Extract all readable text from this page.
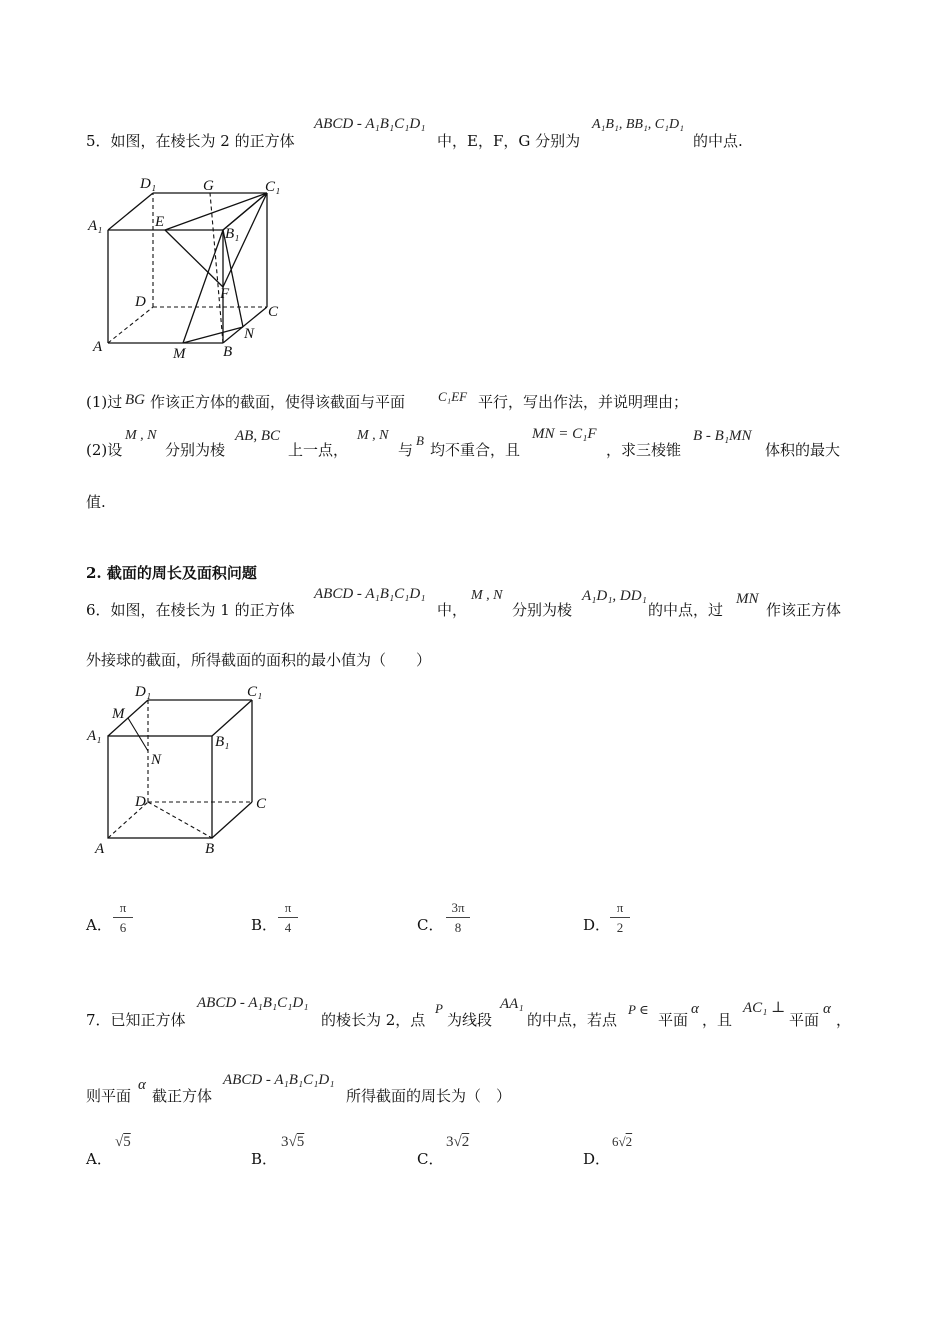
5．如图，在棱长为 2 的正方体
ABCD - A₁B₁C₁D₁
中，E，F，G 分别为
A₁B₁, BB₁, C₁D₁
的中点.
D₁	G	C₁
A₁	E
B₁
D	F
C
N
A	M	B
(1)过 BG 作该正方体的截面，使得该截面与平面	C₁EF 平行，写出作法，并说明理由；
(2)设
M , N
分别为棱
AB, BC
上一点，
M , N
与
B
均不重合，且
MN = C₁F
，求三棱锥
B - B₁MN
体积的最大
值.
2. 截面的周长及面积问题
6．如图，在棱长为 1 的正方体
ABCD - A₁B₁C₁D₁
中，
M , N
分别为棱
A₁D₁, DD₁
的中点，过
MN
作该正方体
外接球的截面，所得截面的面积的最小值为（　　）
D₁	C₁
M
A₁	B₁
N
D	C
A	B
A． $\frac{\pi}{6}$	B． $\frac{\pi}{4}$	C． $\frac{3\pi}{8}$	D． $\frac{\pi}{2}$
7．已知正方体
ABCD - A₁B₁C₁D₁
的棱长为 2，点
P
为线段
AA₁
的中点，若点
P ∈
平面
α
，且
AC₁ ⊥
平面
α
，
则平面
α
截正方体
ABCD - A₁B₁C₁D₁
所得截面的周长为（　）
A．
√5
B．
3√5
C．
3√2
D．
6√2
